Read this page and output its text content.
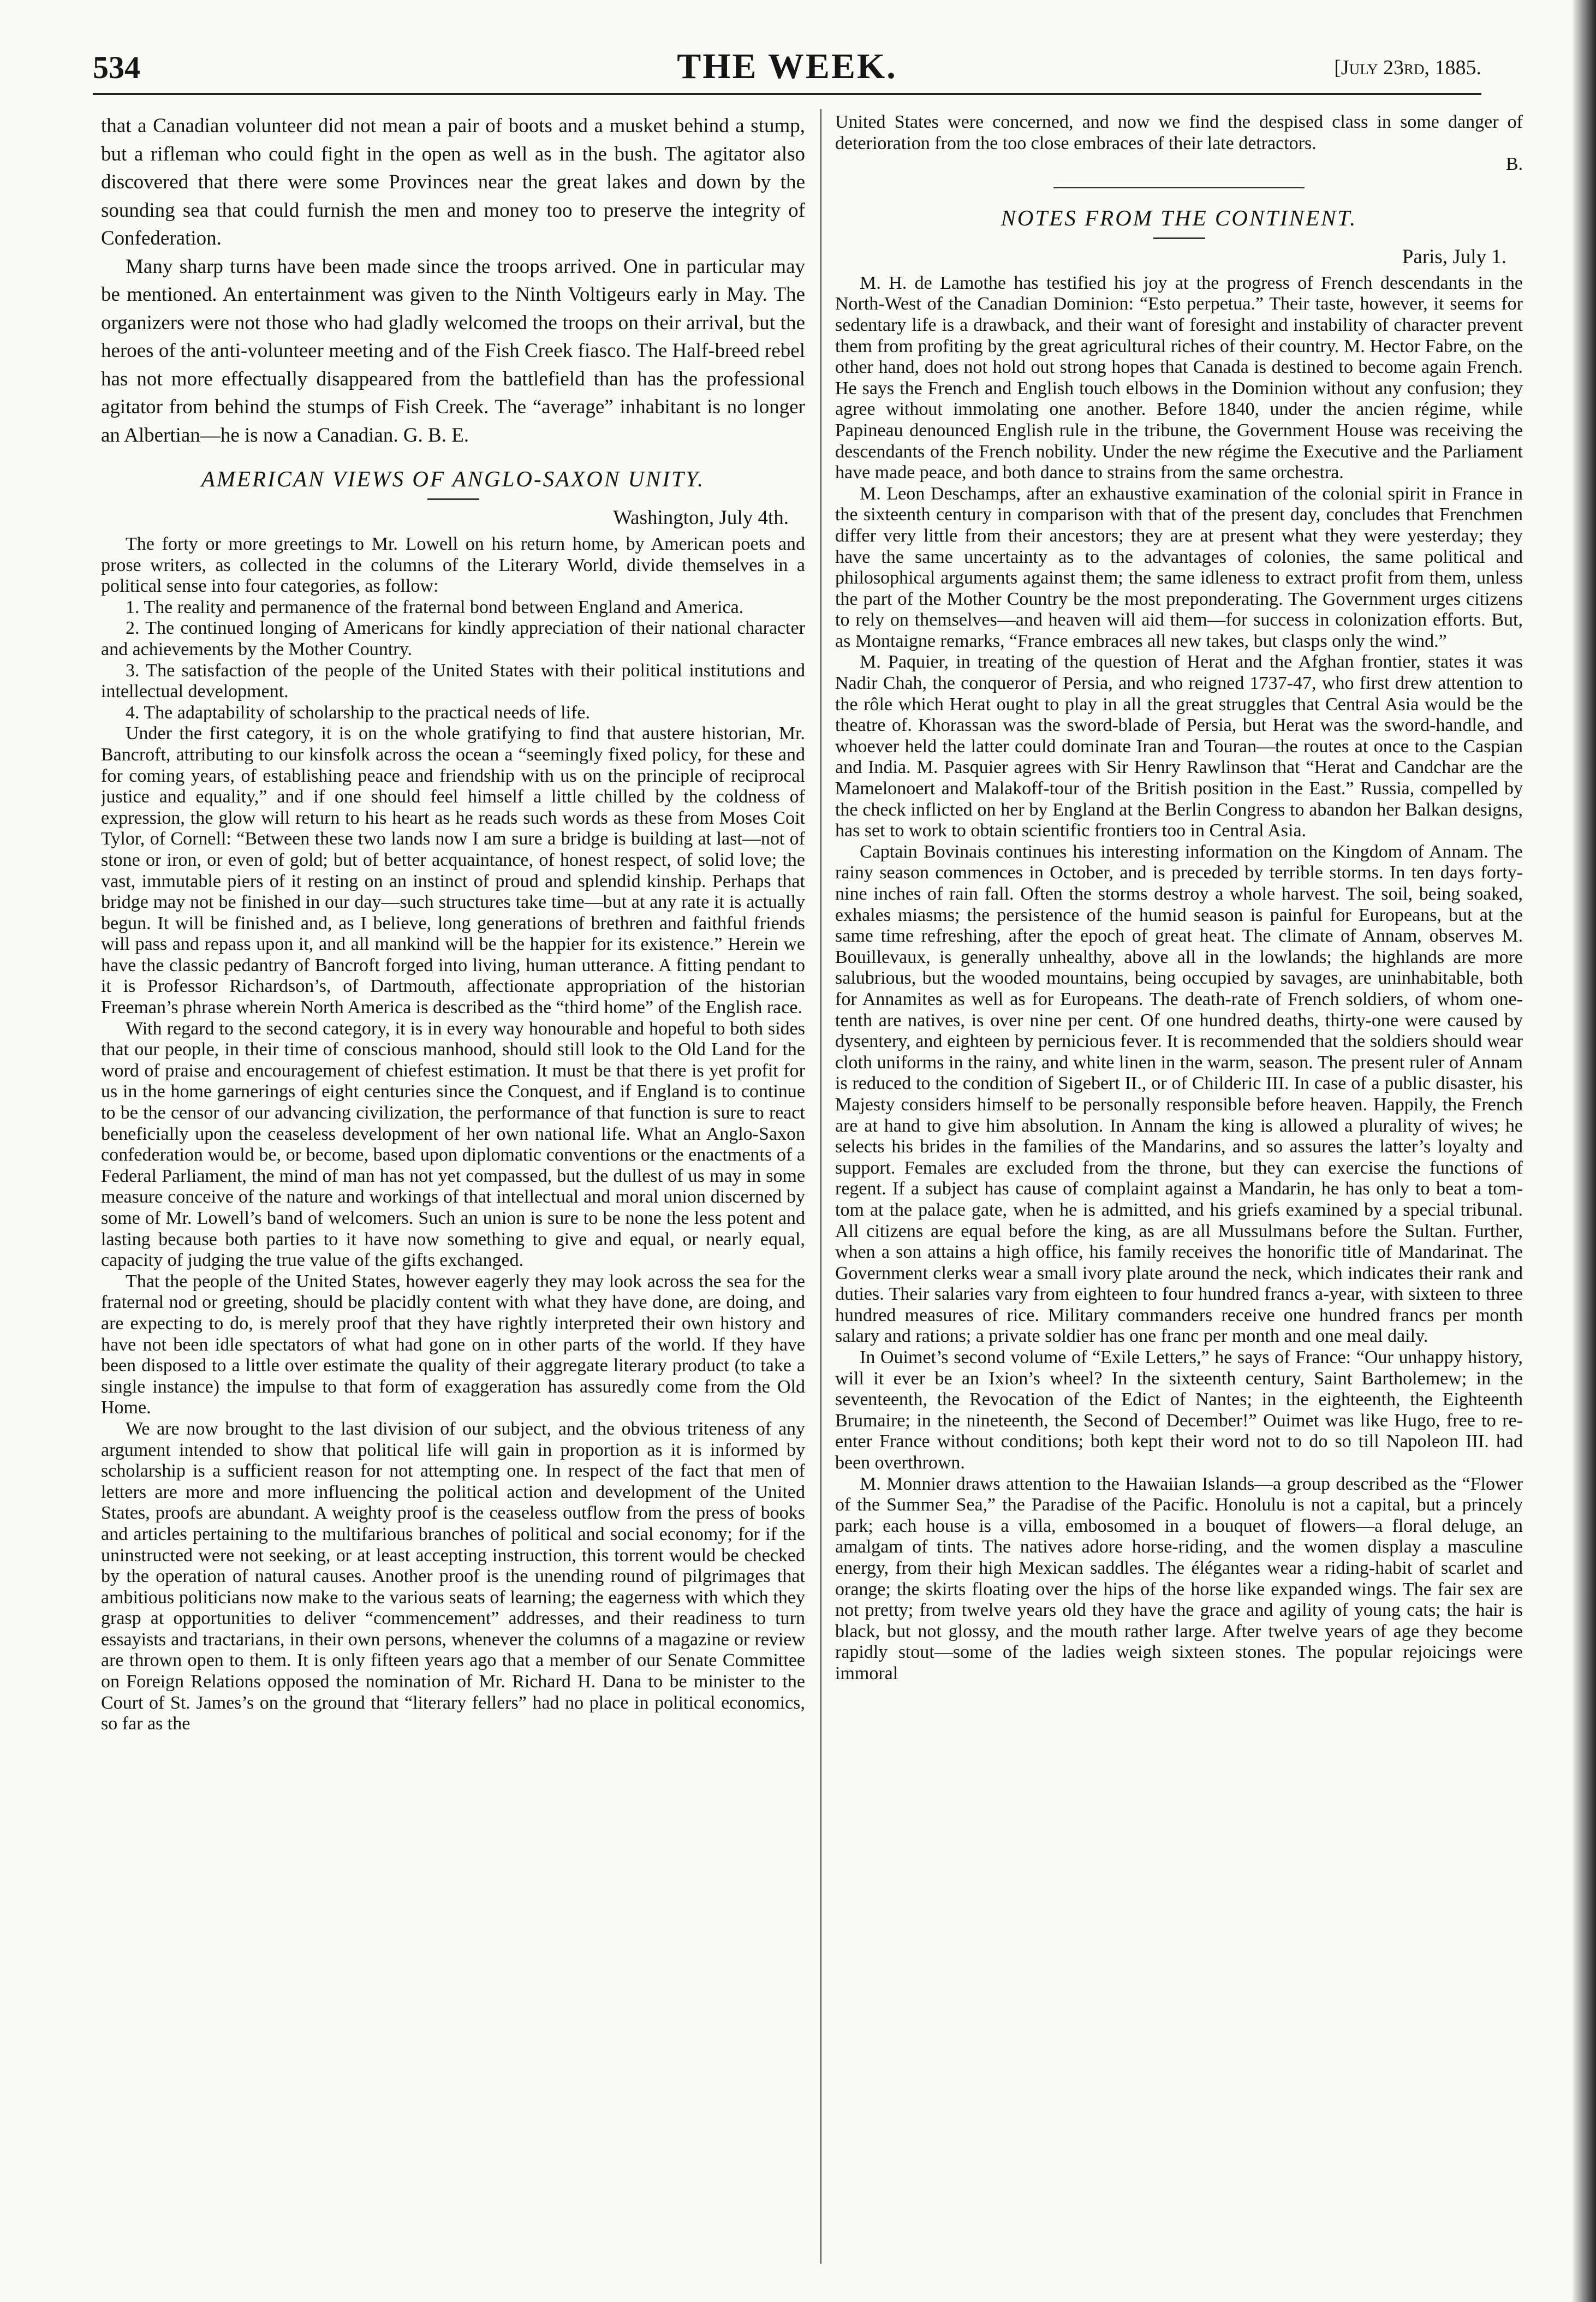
534	THE WEEK.	[July 23rd, 1885.

that a Canadian volunteer did not mean a pair of boots and a musket behind a stump, but a rifleman who could fight in the open as well as in the bush. The agitator also discovered that there were some Provinces near the great lakes and down by the sounding sea that could furnish the men and money too to preserve the integrity of Confederation.

Many sharp turns have been made since the troops arrived. One in particular may be mentioned. An entertainment was given to the Ninth Voltigeurs early in May. The organizers were not those who had gladly welcomed the troops on their arrival, but the heroes of the anti-volunteer meeting and of the Fish Creek fiasco. The Half-breed rebel has not more effectually disappeared from the battlefield than has the professional agitator from behind the stumps of Fish Creek. The “average” inhabitant is no longer an Albertian—he is now a Canadian. G. B. E.

AMERICAN VIEWS OF ANGLO-SAXON UNITY.
Washington, July 4th.

The forty or more greetings to Mr. Lowell on his return home, by American poets and prose writers, as collected in the columns of the Literary World, divide themselves in a political sense into four categories, as follow:

1. The reality and permanence of the fraternal bond between England and America.

2. The continued longing of Americans for kindly appreciation of their national character and achievements by the Mother Country.

3. The satisfaction of the people of the United States with their political institutions and intellectual development.

4. The adaptability of scholarship to the practical needs of life.

Under the first category, it is on the whole gratifying to find that austere historian, Mr. Bancroft, attributing to our kinsfolk across the ocean a “seemingly fixed policy, for these and for coming years, of establishing peace and friendship with us on the principle of reciprocal justice and equality,” and if one should feel himself a little chilled by the coldness of expression, the glow will return to his heart as he reads such words as these from Moses Coit Tylor, of Cornell: “Between these two lands now I am sure a bridge is building at last—not of stone or iron, or even of gold; but of better acquaintance, of honest respect, of solid love; the vast, immutable piers of it resting on an instinct of proud and splendid kinship. Perhaps that bridge may not be finished in our day—such structures take time—but at any rate it is actually begun. It will be finished and, as I believe, long generations of brethren and faithful friends will pass and repass upon it, and all mankind will be the happier for its existence.” Herein we have the classic pedantry of Bancroft forged into living, human utterance. A fitting pendant to it is Professor Richardson’s, of Dartmouth, affectionate appropriation of the historian Freeman’s phrase wherein North America is described as the “third home” of the English race.

With regard to the second category, it is in every way honourable and hopeful to both sides that our people, in their time of conscious manhood, should still look to the Old Land for the word of praise and encouragement of chiefest estimation. It must be that there is yet profit for us in the home garnerings of eight centuries since the Conquest, and if England is to continue to be the censor of our advancing civilization, the performance of that function is sure to react beneficially upon the ceaseless development of her own national life. What an Anglo-Saxon confederation would be, or become, based upon diplomatic conventions or the enactments of a Federal Parliament, the mind of man has not yet compassed, but the dullest of us may in some measure conceive of the nature and workings of that intellectual and moral union discerned by some of Mr. Lowell’s band of welcomers. Such an union is sure to be none the less potent and lasting because both parties to it have now something to give and equal, or nearly equal, capacity of judging the true value of the gifts exchanged.

That the people of the United States, however eagerly they may look across the sea for the fraternal nod or greeting, should be placidly content with what they have done, are doing, and are expecting to do, is merely proof that they have rightly interpreted their own history and have not been idle spectators of what had gone on in other parts of the world. If they have been disposed to a little over estimate the quality of their aggregate literary product (to take a single instance) the impulse to that form of exaggeration has assuredly come from the Old Home.

We are now brought to the last division of our subject, and the obvious triteness of any argument intended to show that political life will gain in proportion as it is informed by scholarship is a sufficient reason for not attempting one. In respect of the fact that men of letters are more and more influencing the political action and development of the United States, proofs are abundant. A weighty proof is the ceaseless outflow from the press of books and articles pertaining to the multifarious branches of political and social economy; for if the uninstructed were not seeking, or at least accepting instruction, this torrent would be checked by the operation of natural causes. Another proof is the unending round of pilgrimages that ambitious politicians now make to the various seats of learning; the eagerness with which they grasp at opportunities to deliver “commencement” addresses, and their readiness to turn essayists and tractarians, in their own persons, whenever the columns of a magazine or review are thrown open to them. It is only fifteen years ago that a member of our Senate Committee on Foreign Relations opposed the nomination of Mr. Richard H. Dana to be minister to the Court of St. James’s on the ground that “literary fellers” had no place in political economics, so far as the

United States were concerned, and now we find the despised class in some danger of deterioration from the too close embraces of their late detractors.

B.

NOTES FROM THE CONTINENT.
Paris, July 1.

M. H. de Lamothe has testified his joy at the progress of French descendants in the North-West of the Canadian Dominion: “Esto perpetua.” Their taste, however, it seems for sedentary life is a drawback, and their want of foresight and instability of character prevent them from profiting by the great agricultural riches of their country. M. Hector Fabre, on the other hand, does not hold out strong hopes that Canada is destined to become again French. He says the French and English touch elbows in the Dominion without any confusion; they agree without immolating one another. Before 1840, under the ancien régime, while Papineau denounced English rule in the tribune, the Government House was receiving the descendants of the French nobility. Under the new régime the Executive and the Parliament have made peace, and both dance to strains from the same orchestra.

M. Leon Deschamps, after an exhaustive examination of the colonial spirit in France in the sixteenth century in comparison with that of the present day, concludes that Frenchmen differ very little from their ancestors; they are at present what they were yesterday; they have the same uncertainty as to the advantages of colonies, the same political and philosophical arguments against them; the same idleness to extract profit from them, unless the part of the Mother Country be the most preponderating. The Government urges citizens to rely on themselves—and heaven will aid them—for success in colonization efforts. But, as Montaigne remarks, “France embraces all new takes, but clasps only the wind.”

M. Paquier, in treating of the question of Herat and the Afghan frontier, states it was Nadir Chah, the conqueror of Persia, and who reigned 1737-47, who first drew attention to the rôle which Herat ought to play in all the great struggles that Central Asia would be the theatre of. Khorassan was the sword-blade of Persia, but Herat was the sword-handle, and whoever held the latter could dominate Iran and Touran—the routes at once to the Caspian and India. M. Pasquier agrees with Sir Henry Rawlinson that “Herat and Candchar are the Mamelonoert and Malakoff-tour of the British position in the East.” Russia, compelled by the check inflicted on her by England at the Berlin Congress to abandon her Balkan designs, has set to work to obtain scientific frontiers too in Central Asia.

Captain Bovinais continues his interesting information on the Kingdom of Annam. The rainy season commences in October, and is preceded by terrible storms. In ten days forty-nine inches of rain fall. Often the storms destroy a whole harvest. The soil, being soaked, exhales miasms; the persistence of the humid season is painful for Europeans, but at the same time refreshing, after the epoch of great heat. The climate of Annam, observes M. Bouillevaux, is generally unhealthy, above all in the lowlands; the highlands are more salubrious, but the wooded mountains, being occupied by savages, are uninhabitable, both for Annamites as well as for Europeans. The death-rate of French soldiers, of whom one-tenth are natives, is over nine per cent. Of one hundred deaths, thirty-one were caused by dysentery, and eighteen by pernicious fever. It is recommended that the soldiers should wear cloth uniforms in the rainy, and white linen in the warm, season. The present ruler of Annam is reduced to the condition of Sigebert II., or of Childeric III. In case of a public disaster, his Majesty considers himself to be personally responsible before heaven. Happily, the French are at hand to give him absolution. In Annam the king is allowed a plurality of wives; he selects his brides in the families of the Mandarins, and so assures the latter’s loyalty and support. Females are excluded from the throne, but they can exercise the functions of regent. If a subject has cause of complaint against a Mandarin, he has only to beat a tom-tom at the palace gate, when he is admitted, and his griefs examined by a special tribunal. All citizens are equal before the king, as are all Mussulmans before the Sultan. Further, when a son attains a high office, his family receives the honorific title of Mandarinat. The Government clerks wear a small ivory plate around the neck, which indicates their rank and duties. Their salaries vary from eighteen to four hundred francs a-year, with sixteen to three hundred measures of rice. Military commanders receive one hundred francs per month salary and rations; a private soldier has one franc per month and one meal daily.

In Ouimet’s second volume of “Exile Letters,” he says of France: “Our unhappy history, will it ever be an Ixion’s wheel? In the sixteenth century, Saint Bartholemew; in the seventeenth, the Revocation of the Edict of Nantes; in the eighteenth, the Eighteenth Brumaire; in the nineteenth, the Second of December!” Ouimet was like Hugo, free to re-enter France without conditions; both kept their word not to do so till Napoleon III. had been overthrown.

M. Monnier draws attention to the Hawaiian Islands—a group described as the “Flower of the Summer Sea,” the Paradise of the Pacific. Honolulu is not a capital, but a princely park; each house is a villa, embosomed in a bouquet of flowers—a floral deluge, an amalgam of tints. The natives adore horse-riding, and the women display a masculine energy, from their high Mexican saddles. The élégantes wear a riding-habit of scarlet and orange; the skirts floating over the hips of the horse like expanded wings. The fair sex are not pretty; from twelve years old they have the grace and agility of young cats; the hair is black, but not glossy, and the mouth rather large. After twelve years of age they become rapidly stout—some of the ladies weigh sixteen stones. The popular rejoicings were immoral
